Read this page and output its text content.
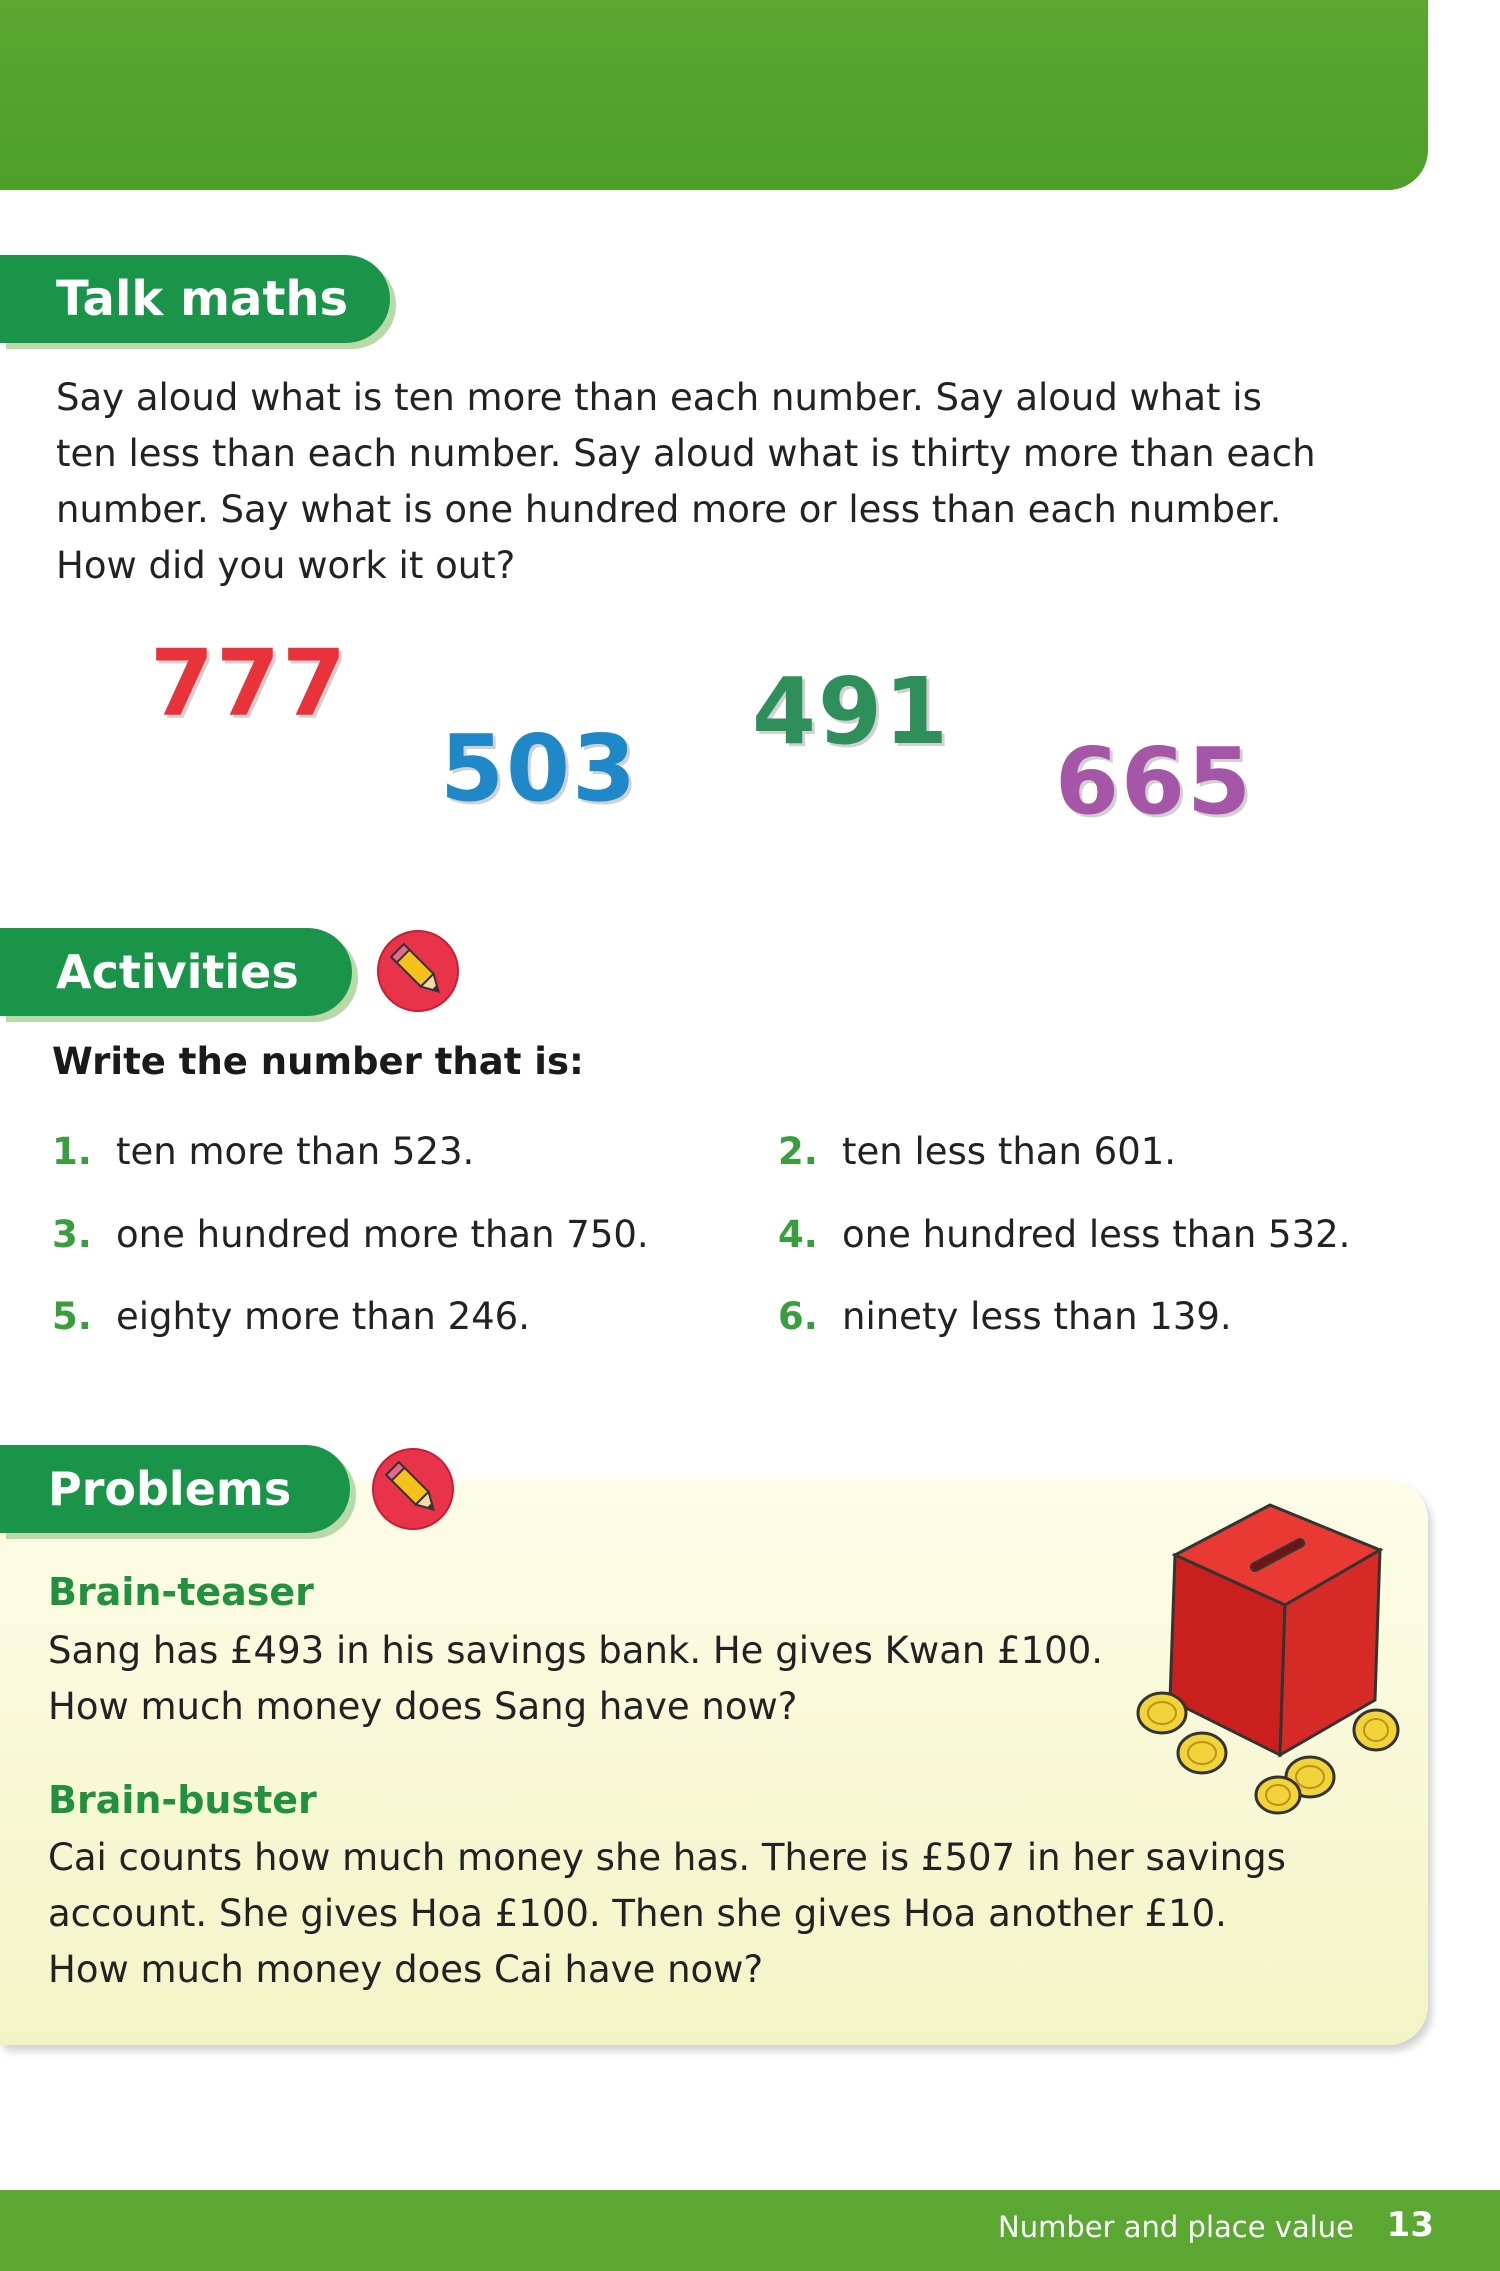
Talk maths
Say aloud what is ten more than each number. Say aloud what is
ten less than each number. Say aloud what is thirty more than each
number. Say what is one hundred more or less than each number.
How did you work it out?
777
503
491
665
Activities
Write the number that is:
1. ten more than 523.	2. ten less than 601.
3. one hundred more than 750.	4. one hundred less than 532.
5. eighty more than 246.	6. ninety less than 139.
Problems
Brain-teaser
Sang has £493 in his savings bank. He gives Kwan £100.
How much money does Sang have now?
Brain-buster
Cai counts how much money she has. There is £507 in her savings
account. She gives Hoa £100. Then she gives Hoa another £10.
How much money does Cai have now?
Number and place value 13
